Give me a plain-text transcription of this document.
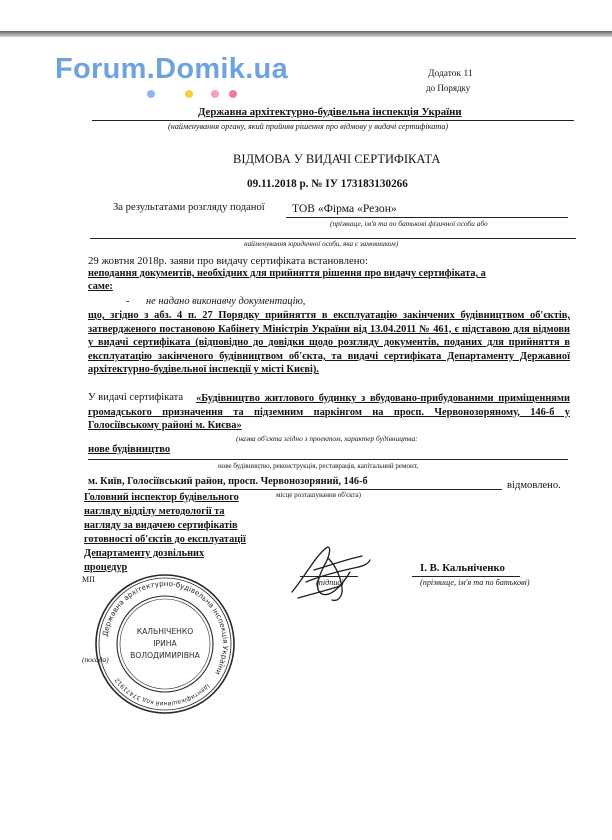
Forum.Domik.ua	Додаток 11
до Порядку
Державна архітектурно-будівельна інспекція України
(найменування органу, який прийняв рішення про відмову у видачі сертифіката)
ВІДМОВА У ВИДАЧІ СЕРТИФІКАТА
09.11.2018 р. № ІУ 173183130266
За результатами розгляду поданої ТОВ «Фірма «Резон»
(прізвище, ім'я та по батькові фізичної особи або
найменування юридичної особи, яка є замовником)
29 жовтня 2018р. заяви про видачу сертифіката встановлено:
неподання документів, необхідних для прийняття рішення про видачу сертифіката, а
саме:
- не надано виконавчу документацію,
що, згідно з абз. 4 п. 27 Порядку прийняття в експлуатацію закінчених будівництвом об'єктів, затвердженого постановою Кабінету Міністрів України від 13.04.2011 № 461, є підставою для відмови у видачі сертифіката (відповідно до довідки щодо розгляду документів, поданих для прийняття в експлуатацію закінченого будівництвом об'єкта, та видачі сертифіката Департаменту Державної архітектурно-будівельної інспекції у місті Києві).
У видачі сертифіката	«Будівництво житлового будинку з вбудовано-прибудованими приміщеннями громадського призначення та підземним паркінгом на просп. Червонозоряному, 146-б у Голосіївському районі м. Києва»
(назва об'єкта згідно з проектом, характер будівництва:
нове будівництво
нове будівництво, реконструкція, реставрація, капітальний ремонт,
м. Київ, Голосіївський район, просп. Червонозоряний, 146-б	відмовлено.
місце розташування об'єкта)
Головний інспектор будівельного
нагляду відділу методології та
нагляду за видачею сертифікатів
готовності об'єктів до експлуатації
Департаменту дозвільних
процедур
МП
(посада)
(підпис)
І. В. Кальніченко
(прізвище, ім'я та по батькові)
Державна архітектурно-будівельна інспекція України
КАЛЬНІЧЕНКО
ІРИНА
ВОЛОДИМИРІВНА
Ідентифікаційний код 37471912
